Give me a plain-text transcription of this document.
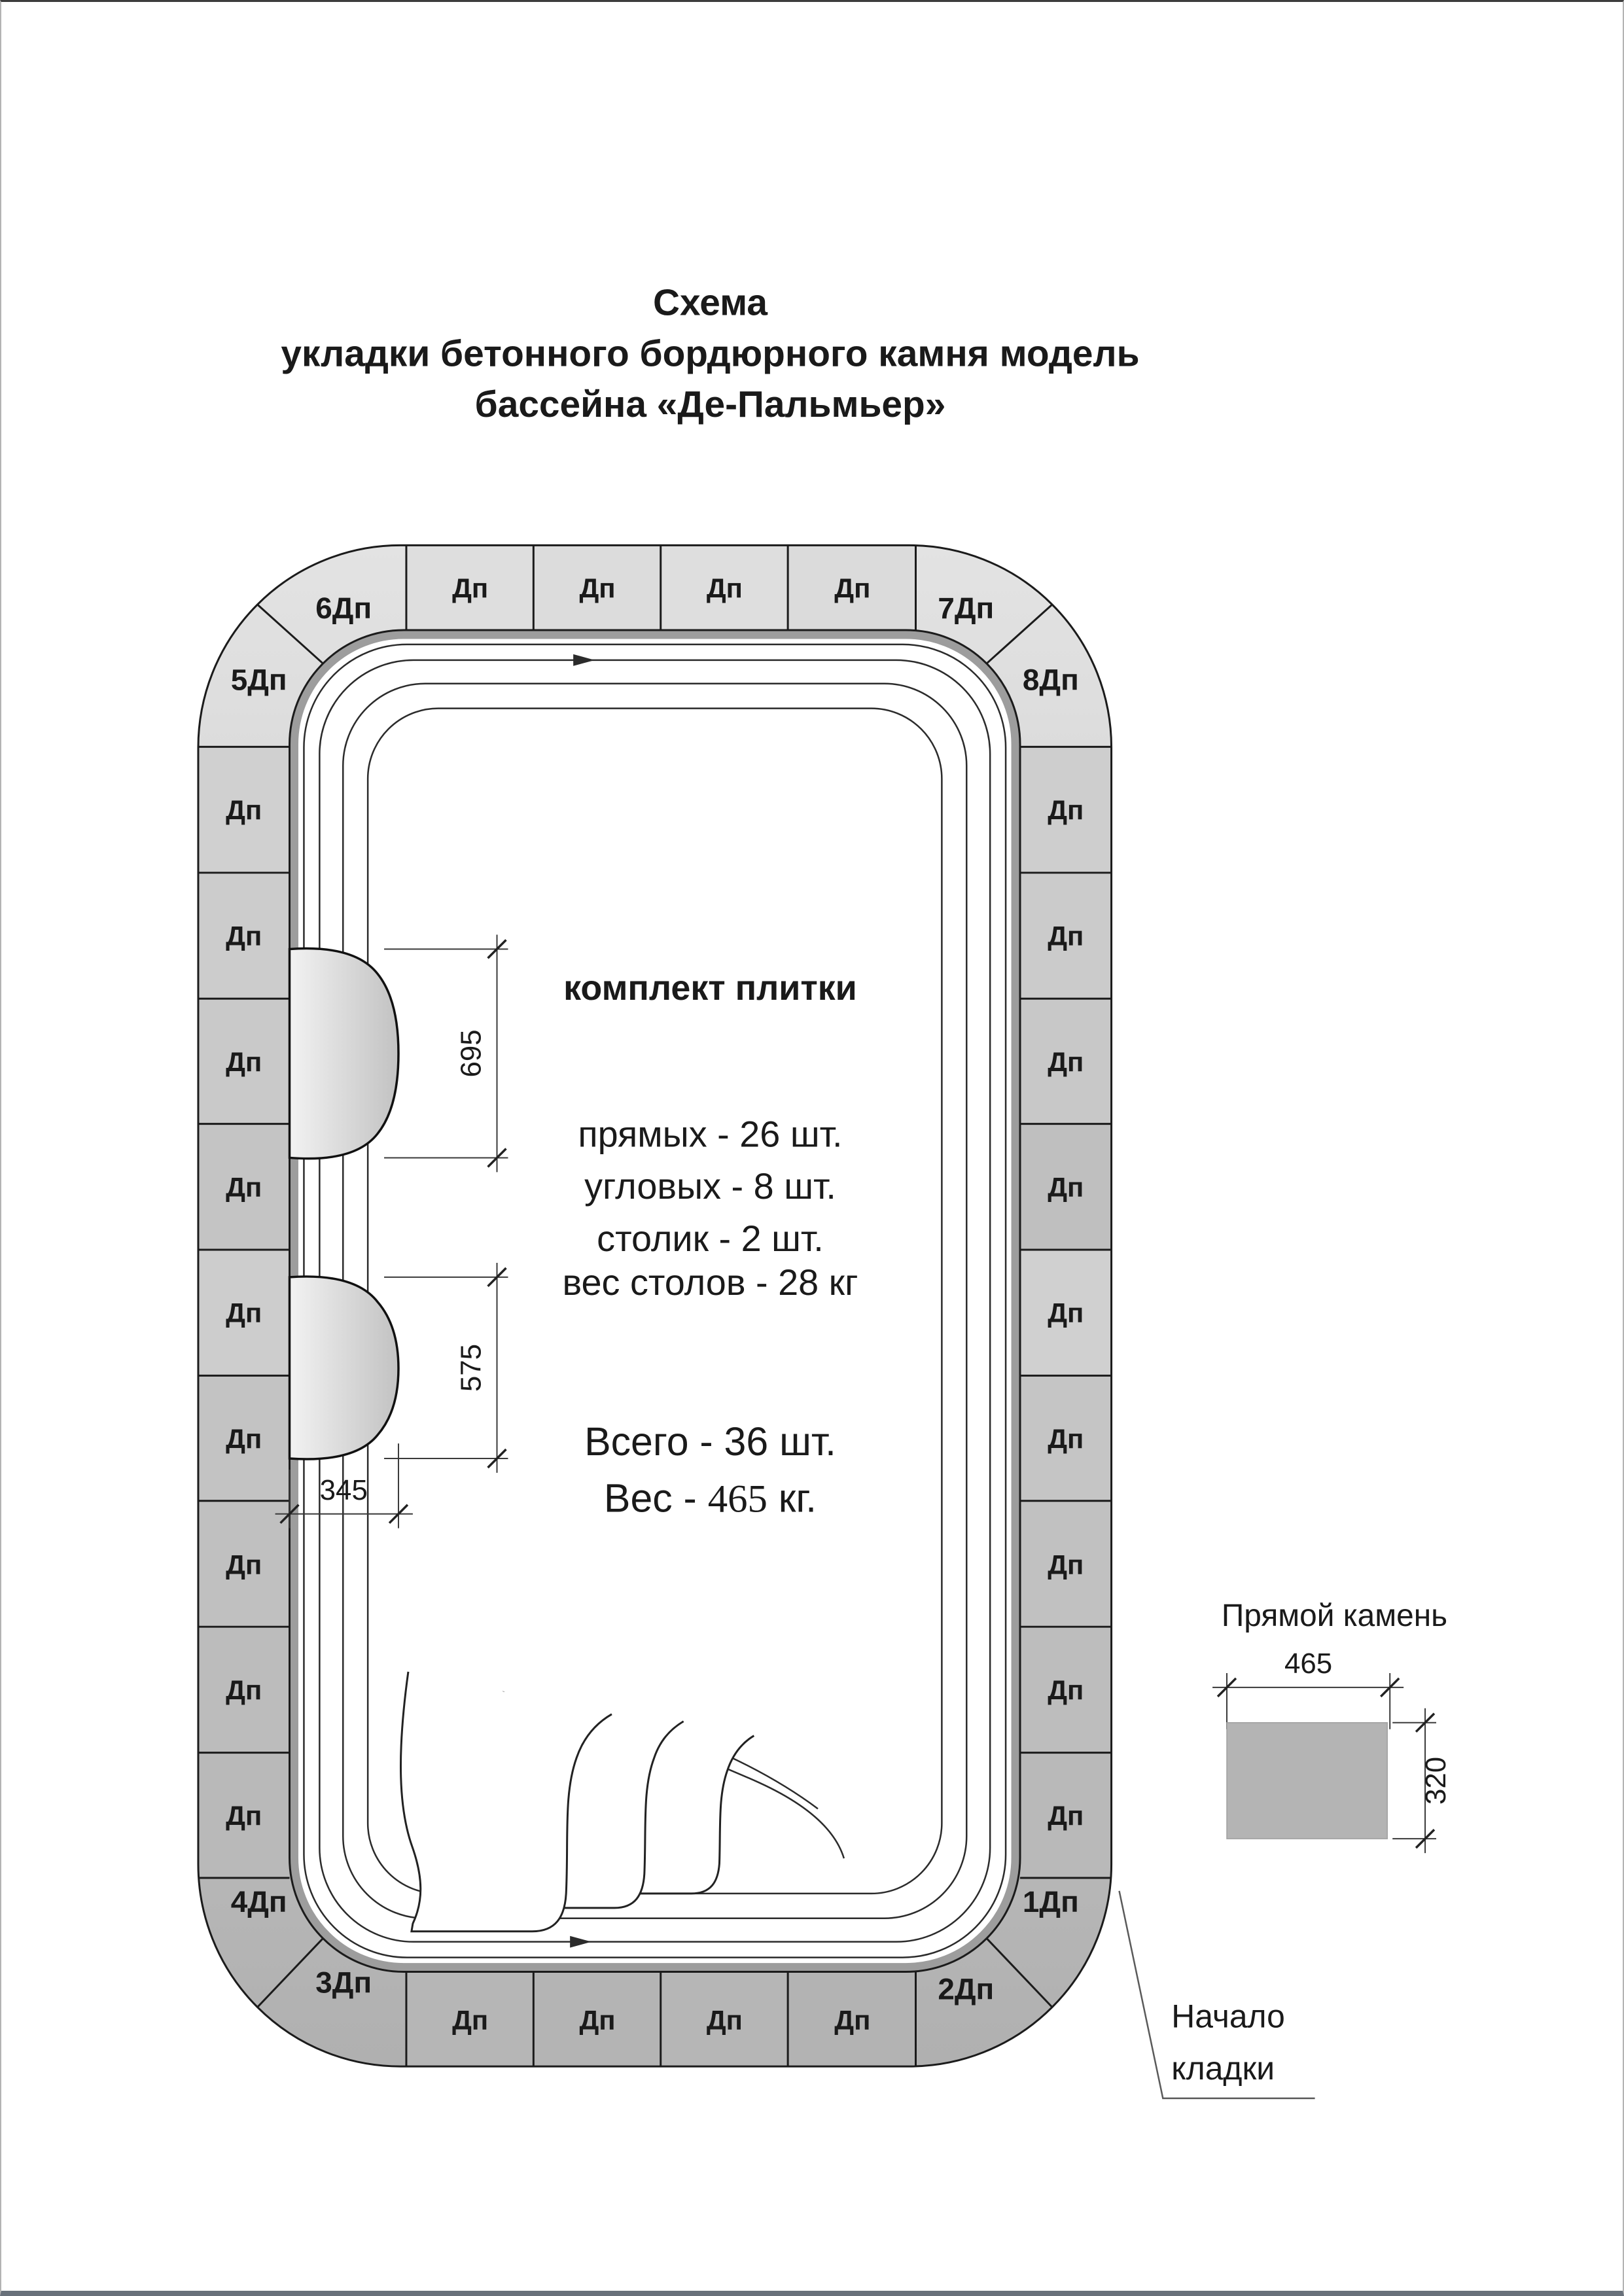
Схема
укладки бетонного бордюрного камня модель
бассейна «Де-Пальмьер»
695
575
345
комплект плитки
прямых - 26 шт.
угловых - 8 шт.
столик - 2 шт.
вес столов - 28 кг
Всего - 36 шт.
Вес - 465 кг.
Дп	Дп	Дп	Дп
Дп	Дп	Дп	Дп
Дп
Дп
Дп
Дп
Дп
Дп
Дп
Дп
Дп
Дп
Дп
Дп
Дп
Дп
Дп
Дп
Дп
Дп
6Дп	7Дп
5Дп	8Дп
4Дп	1Дп
3Дп	2Дп
Прямой камень
465
320
Начало
кладки
